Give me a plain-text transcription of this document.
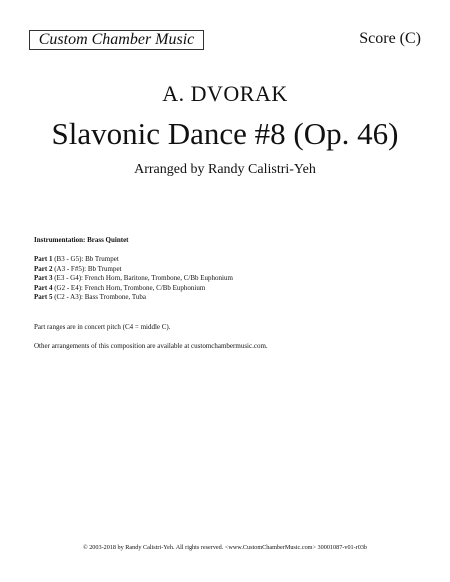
Custom Chamber Music	Score (C)
A. DVORAK
Slavonic Dance #8 (Op. 46)
Arranged by Randy Calistri-Yeh
Instrumentation: Brass Quintet
Part 1 (B3 - G5): Bb Trumpet
Part 2 (A3 - F#5): Bb Trumpet
Part 3 (E3 - G4): French Horn, Baritone, Trombone, C/Bb Euphonium
Part 4 (G2 - E4): French Horn, Trombone, C/Bb Euphonium
Part 5 (C2 - A3): Bass Trombone, Tuba
Part ranges are in concert pitch (C4 = middle C).
Other arrangements of this composition are available at customchambermusic.com.
© 2003-2018 by Randy Calistri-Yeh. All rights reserved. <www.CustomChamberMusic.com> 30001087-v01-r03b
